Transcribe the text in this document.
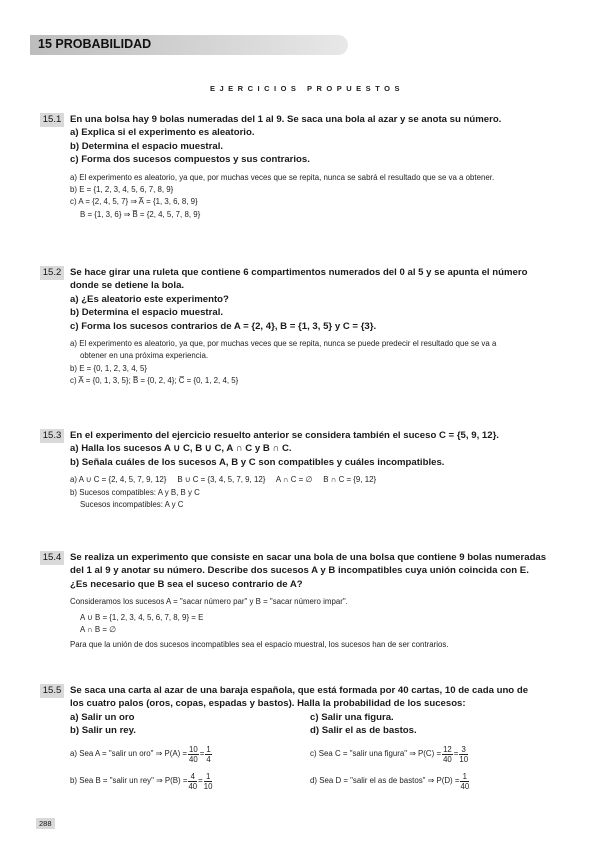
15 PROBABILIDAD
EJERCICIOS PROPUESTOS
15.1 En una bolsa hay 9 bolas numeradas del 1 al 9. Se saca una bola al azar y se anota su número.
a) Explica si el experimento es aleatorio.
b) Determina el espacio muestral.
c) Forma dos sucesos compuestos y sus contrarios.
a) El experimento es aleatorio, ya que, por muchas veces que se repita, nunca se sabrá el resultado que se va a obtener.
b) E = {1, 2, 3, 4, 5, 6, 7, 8, 9}
c) A = {2, 4, 5, 7} ⇒ A̅ = {1, 3, 6, 8, 9}
B = {1, 3, 6} ⇒ B̅ = {2, 4, 5, 7, 8, 9}
15.2 Se hace girar una ruleta que contiene 6 compartimentos numerados del 0 al 5 y se apunta el número
donde se detiene la bola.
a) ¿Es aleatorio este experimento?
b) Determina el espacio muestral.
c) Forma los sucesos contrarios de A = {2, 4}, B = {1, 3, 5} y C = {3}.
a) El experimento es aleatorio, ya que, por muchas veces que se repita, nunca se puede predecir el resultado que se va a
obtener en una próxima experiencia.
b) E = {0, 1, 2, 3, 4, 5}
c) A̅ = {0, 1, 3, 5}; B̅ = {0, 2, 4}; C̅ = {0, 1, 2, 4, 5}
15.3 En el experimento del ejercicio resuelto anterior se considera también el suceso C = {5, 9, 12}.
a) Halla los sucesos A ∪ C, B ∪ C, A ∩ C y B ∩ C.
b) Señala cuáles de los sucesos A, B y C son compatibles y cuáles incompatibles.
a) A ∪ C = {2, 4, 5, 7, 9, 12}     B ∪ C = {3, 4, 5, 7, 9, 12}     A ∩ C = ∅     B ∩ C = {9, 12}
b) Sucesos compatibles: A y B, B y C
Sucesos incompatibles: A y C
15.4 Se realiza un experimento que consiste en sacar una bola de una bolsa que contiene 9 bolas numeradas
del 1 al 9 y anotar su número. Describe dos sucesos A y B incompatibles cuya unión coincida con E.
¿Es necesario que B sea el suceso contrario de A?
Consideramos los sucesos A = "sacar número par" y B = "sacar número impar".
A ∪ B = {1, 2, 3, 4, 5, 6, 7, 8, 9} = E
A ∩ B = ∅
Para que la unión de dos sucesos incompatibles sea el espacio muestral, los sucesos han de ser contrarios.
15.5 Se saca una carta al azar de una baraja española, que está formada por 40 cartas, 10 de cada uno de
los cuatro palos (oros, copas, espadas y bastos). Halla la probabilidad de los sucesos:
a) Salir un oro	c) Salir una figura.
b) Salir un rey.	d) Salir el as de bastos.
a) Sea A = "salir un oro" ⇒ $P(A) = \frac{10}{40} = \frac{1}{4}$	c) Sea C = "salir una figura" ⇒ $P(C) = \frac{12}{40} = \frac{3}{10}$
b) Sea B = "salir un rey" ⇒ $P(B) = \frac{4}{40} = \frac{1}{10}$	d) Sea D = "salir el as de bastos" ⇒ $P(D) = \frac{1}{40}$
288
